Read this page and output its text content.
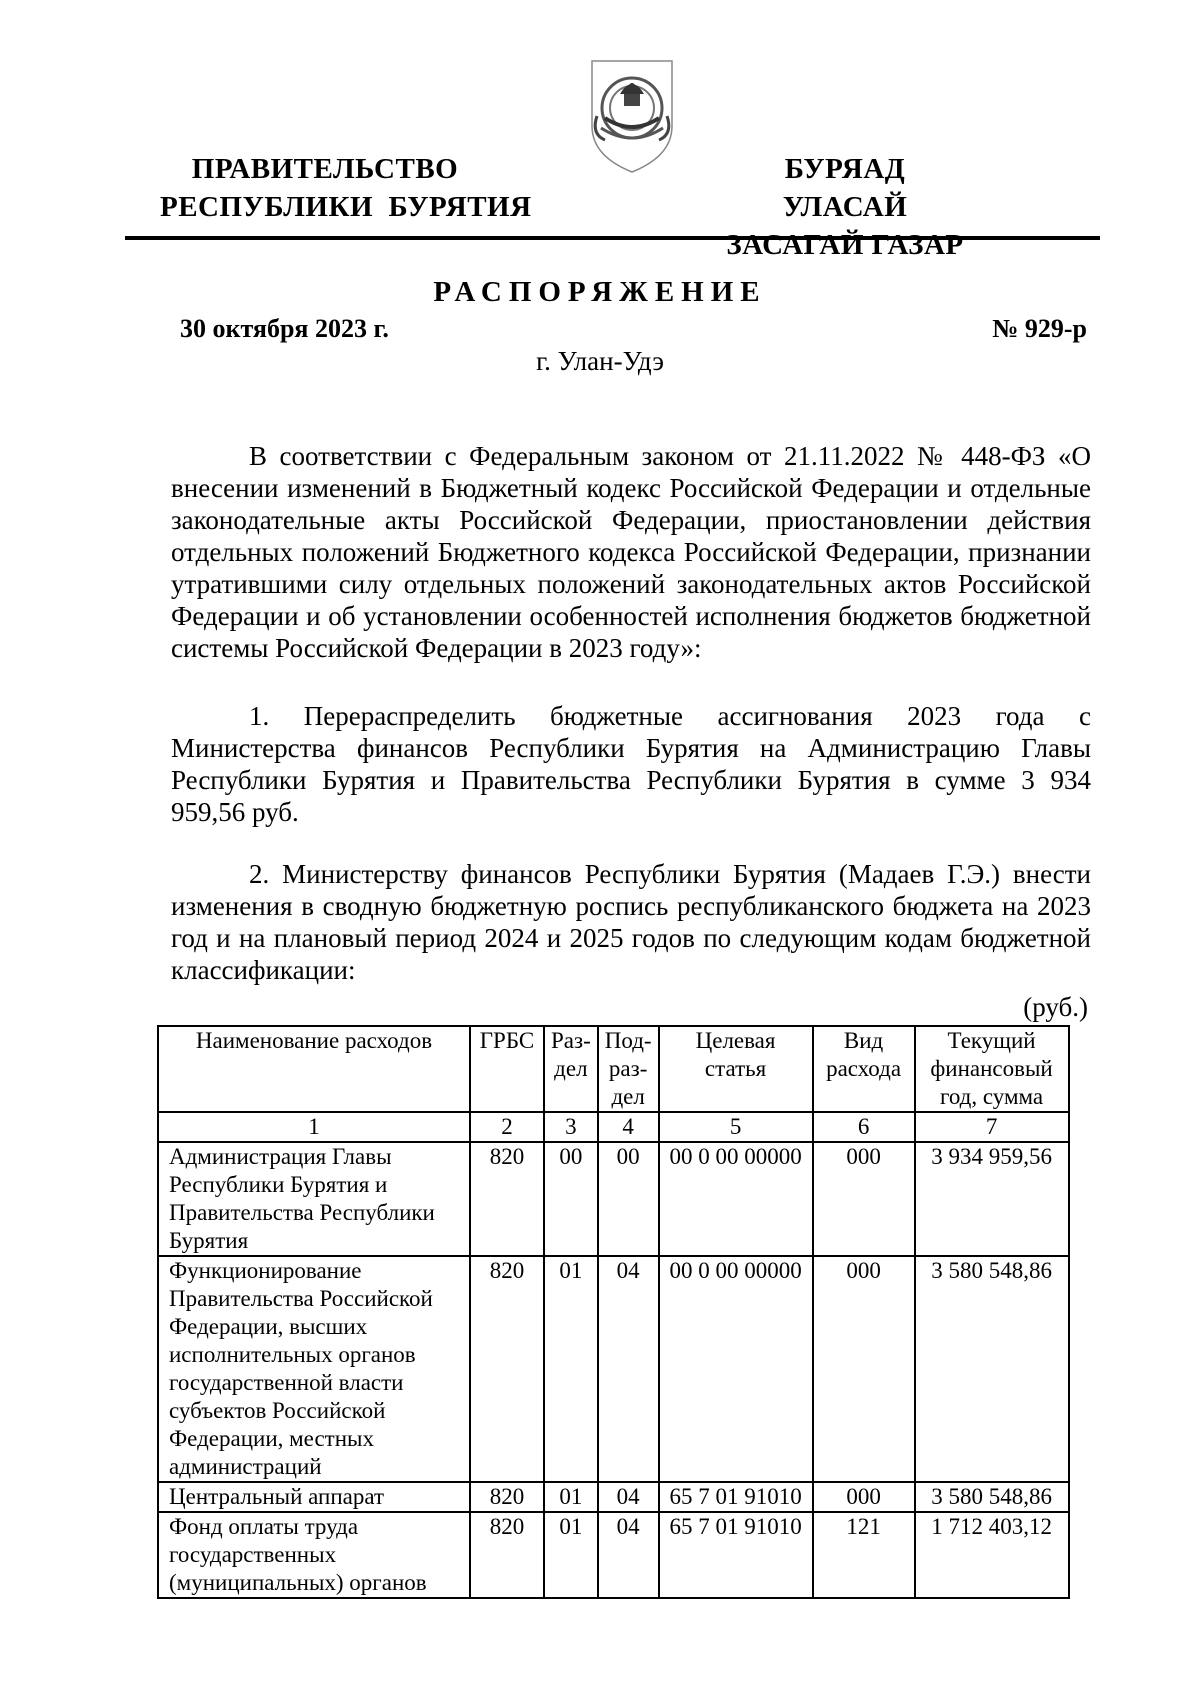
ПРАВИТЕЛЬСТВО
РЕСПУБЛИКИ  БУРЯТИЯ
БУРЯАД УЛАСАЙ
ЗАСАГАЙ ГАЗАР
РАСПОРЯЖЕНИЕ
30 октября 2023 г.	№ 929-р
г. Улан-Удэ
В соответствии с Федеральным законом от 21.11.2022 № 448-ФЗ «О внесении изменений в Бюджетный кодекс Российской Федерации и отдельные законодательные акты Российской Федерации, приостановлении действия отдельных положений Бюджетного кодекса Российской Федерации, признании утратившими силу отдельных положений законодательных актов Российской Федерации и об установлении особенностей исполнения бюджетов бюджетной системы Российской Федерации в 2023 году»:
1. Перераспределить бюджетные ассигнования 2023 года с Министерства финансов Республики Бурятия на Администрацию Главы Республики Бурятия и Правительства Республики Бурятия в сумме 3 934 959,56 руб.
2. Министерству финансов Республики Бурятия (Мадаев Г.Э.) внести изменения в сводную бюджетную роспись республиканского бюджета на 2023 год и на плановый период 2024 и 2025 годов по следующим кодам бюджетной классификации:
(руб.)
Наименование расходов	ГРБС	Раз-дел	Под-раз-дел	Целевая статья	Вид расхода	Текущий финансовый год, сумма
1	2	3	4	5	6	7
Администрация Главы Республики Бурятия и Правительства Республики Бурятия	820	00	00	00 0 00 00000	000	3 934 959,56
Функционирование Правительства Российской Федерации, высших исполнительных органов государственной власти субъектов Российской Федерации, местных администраций	820	01	04	00 0 00 00000	000	3 580 548,86
Центральный аппарат	820	01	04	65 7 01 91010	000	3 580 548,86
Фонд оплаты труда государственных (муниципальных) органов	820	01	04	65 7 01 91010	121	1 712 403,12
